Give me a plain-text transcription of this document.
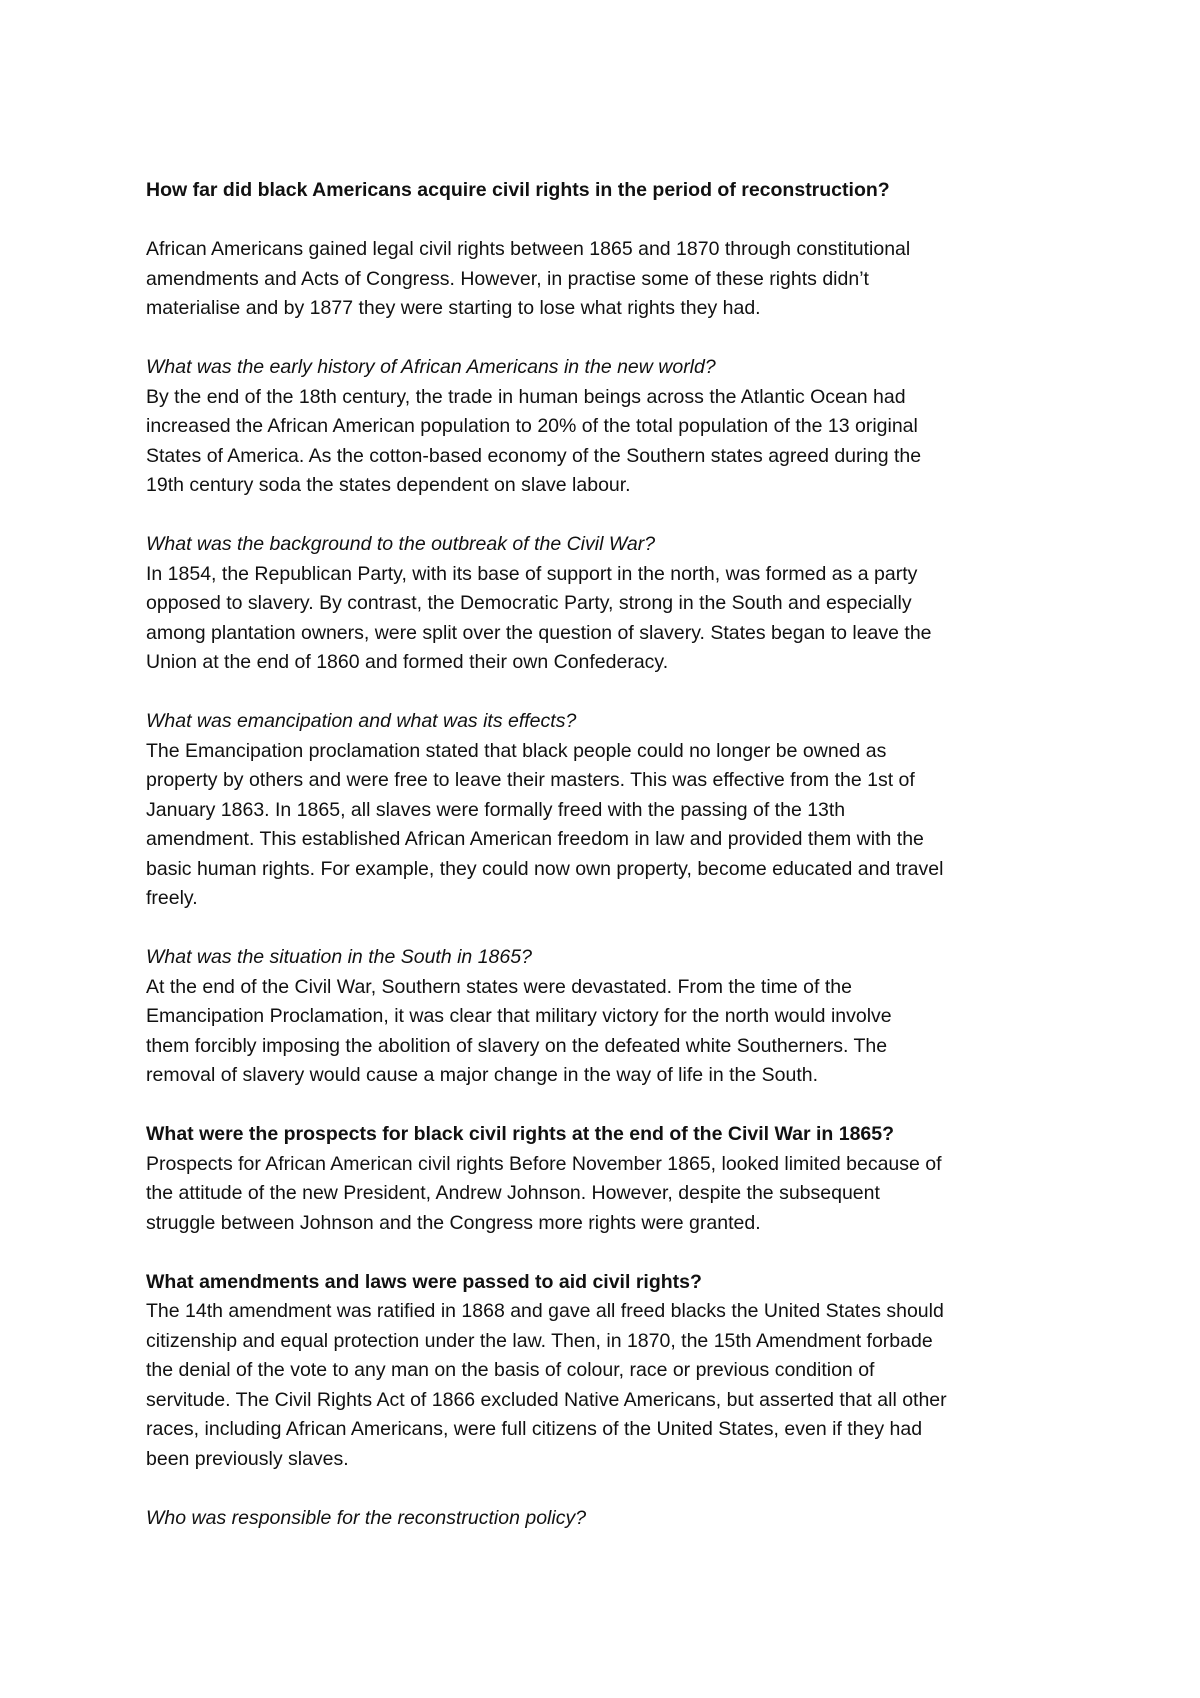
How far did black Americans acquire civil rights in the period of reconstruction?
African Americans gained legal civil rights between 1865 and 1870 through constitutional
amendments and Acts of Congress. However, in practise some of these rights didn’t
materialise and by 1877 they were starting to lose what rights they had.
What was the early history of African Americans in the new world?
By the end of the 18th century, the trade in human beings across the Atlantic Ocean had
increased the African American population to 20% of the total population of the 13 original
States of America. As the cotton-based economy of the Southern states agreed during the
19th century soda the states dependent on slave labour.
What was the background to the outbreak of the Civil War?
In 1854, the Republican Party, with its base of support in the north, was formed as a party
opposed to slavery. By contrast, the Democratic Party, strong in the South and especially
among plantation owners, were split over the question of slavery. States began to leave the
Union at the end of 1860 and formed their own Confederacy.
What was emancipation and what was its effects?
The Emancipation proclamation stated that black people could no longer be owned as
property by others and were free to leave their masters. This was effective from the 1st of
January 1863. In 1865, all slaves were formally freed with the passing of the 13th
amendment. This established African American freedom in law and provided them with the
basic human rights. For example, they could now own property, become educated and travel
freely.
What was the situation in the South in 1865?
At the end of the Civil War, Southern states were devastated. From the time of the
Emancipation Proclamation, it was clear that military victory for the north would involve
them forcibly imposing the abolition of slavery on the defeated white Southerners. The
removal of slavery would cause a major change in the way of life in the South.
What were the prospects for black civil rights at the end of the Civil War in 1865?
Prospects for African American civil rights Before November 1865, looked limited because of
the attitude of the new President, Andrew Johnson. However, despite the subsequent
struggle between Johnson and the Congress more rights were granted.
What amendments and laws were passed to aid civil rights?
The 14th amendment was ratified in 1868 and gave all freed blacks the United States should
citizenship and equal protection under the law. Then, in 1870, the 15th Amendment forbade
the denial of the vote to any man on the basis of colour, race or previous condition of
servitude. The Civil Rights Act of 1866 excluded Native Americans, but asserted that all other
races, including African Americans, were full citizens of the United States, even if they had
been previously slaves.
Who was responsible for the reconstruction policy?
